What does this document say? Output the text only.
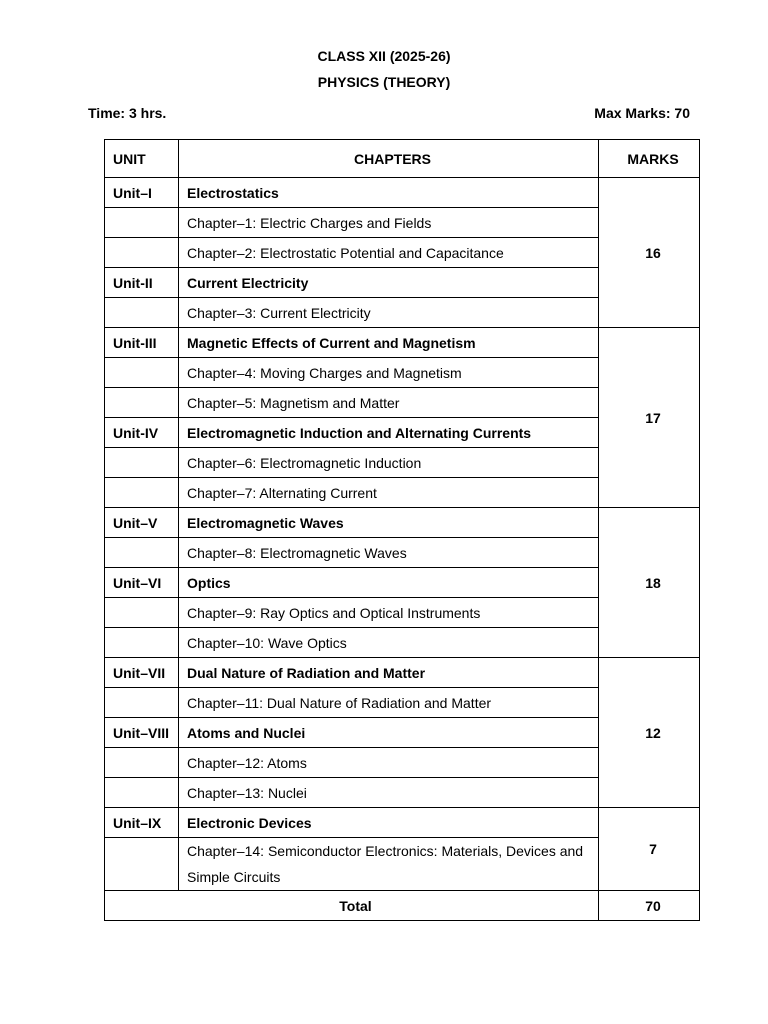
CLASS XII (2025-26)
PHYSICS (THEORY)
Time: 3 hrs.	Max Marks: 70
UNIT	CHAPTERS	MARKS
Unit–I	Electrostatics	16
	Chapter–1: Electric Charges and Fields	
	Chapter–2: Electrostatic Potential and Capacitance	
Unit-II	Current Electricity	
	Chapter–3: Current Electricity	
Unit-III	Magnetic Effects of Current and Magnetism	17
	Chapter–4: Moving Charges and Magnetism	
	Chapter–5: Magnetism and Matter	
Unit-IV	Electromagnetic Induction and Alternating Currents	
	Chapter–6: Electromagnetic Induction	
	Chapter–7: Alternating Current	
Unit–V	Electromagnetic Waves	18
	Chapter–8: Electromagnetic Waves	
Unit–VI	Optics	
	Chapter–9: Ray Optics and Optical Instruments	
	Chapter–10: Wave Optics	
Unit–VII	Dual Nature of Radiation and Matter	12
	Chapter–11: Dual Nature of Radiation and Matter	
Unit–VIII	Atoms and Nuclei	
	Chapter–12: Atoms	
	Chapter–13: Nuclei	
Unit–IX	Electronic Devices	7
	Chapter–14: Semiconductor Electronics: Materials, Devices and Simple Circuits	
Total		70
